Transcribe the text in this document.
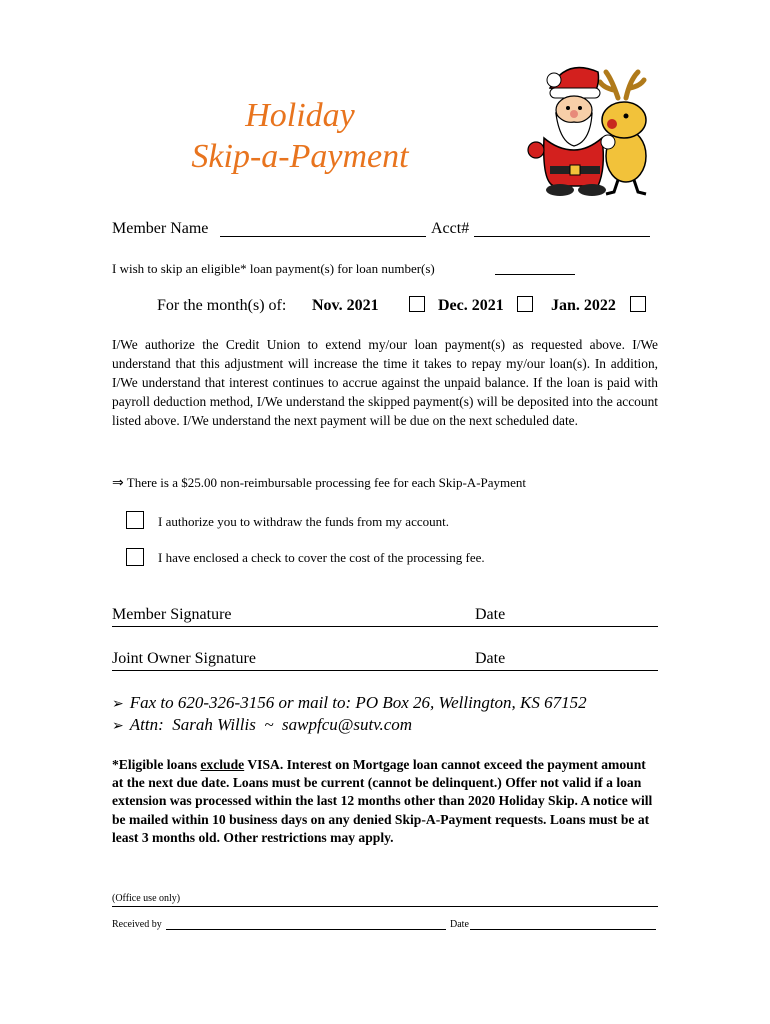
Holiday
Skip-a-Payment
Member Name	Acct#
I wish to skip an eligible* loan payment(s) for loan number(s)
For the month(s) of: Nov. 2021	Dec. 2021	Jan. 2022
I/We authorize the Credit Union to extend my/our loan payment(s) as requested above. I/We understand that this adjustment will increase the time it takes to repay my/our loan(s). In addition, I/We understand that interest continues to accrue against the unpaid balance. If the loan is paid with payroll deduction method, I/We understand the skipped payment(s) will be deposited into the account listed above. I/We understand the next payment will be due on the next scheduled date.
⇒ There is a $25.00 non-reimbursable processing fee for each Skip-A-Payment
I authorize you to withdraw the funds from my account.
I have enclosed a check to cover the cost of the processing fee.
Member Signature	Date
Joint Owner Signature	Date
➢ Fax to 620-326-3156 or mail to: PO Box 26, Wellington, KS 67152
➢ Attn:  Sarah Willis  ~  sawpfcu@sutv.com
*Eligible loans exclude VISA. Interest on Mortgage loan cannot exceed the payment amount at the next due date. Loans must be current (cannot be delinquent.) Offer not valid if a loan extension was processed within the last 12 months other than 2020 Holiday Skip. A notice will be mailed within 10 business days on any denied Skip-A-Payment requests. Loans must be at least 3 months old. Other restrictions may apply.
(Office use only)
Received by	Date
